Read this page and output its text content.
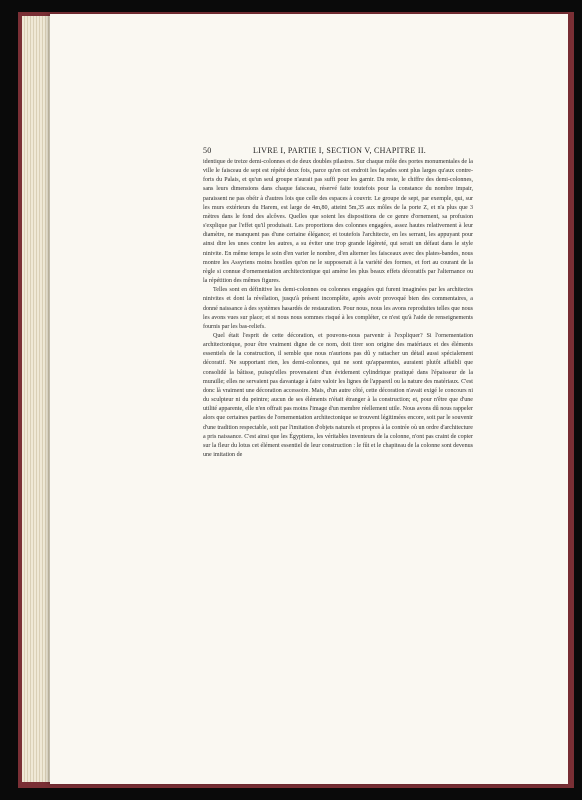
50	LIVRE I, PARTIE I, SECTION V, CHAPITRE II.

identique de treize demi-colonnes et de deux doubles pilastres. Sur chaque môle des portes monumentales de la ville le faisceau de sept est répété deux fois, parce qu'en cet endroit les façades sont plus larges qu'aux contre-forts du Palais, et qu'un seul groupe n'aurait pas suffi pour les garnir. Du reste, le chiffre des demi-colonnes, sans leurs dimensions dans chaque faisceau, réservé faite toutefois pour la constance du nombre impair, paraissent ne pas obéir à d'autres lois que celle des espaces à couvrir. Le groupe de sept, par exemple, qui, sur les murs extérieurs du Harem, est large de 4m,80, atteint 5m,35 aux môles de la porte Z, et n'a plus que 3 mètres dans le fond des alcôves. Quelles que soient les dispositions de ce genre d'ornement, sa profusion s'explique par l'effet qu'il produisait. Les proportions des colonnes engagées, assez hautes relativement à leur diamètre, ne manquent pas d'une certaine élégance; et toutefois l'architecte, en les serrant, les appuyant pour ainsi dire les unes contre les autres, a su éviter une trop grande légèreté, qui serait un défaut dans le style ninivite. En même temps le soin d'en varier le nombre, d'en alterner les faisceaux avec des plates-bandes, nous montre les Assyriens moins hostiles qu'on ne le supposerait à la variété des formes, et fort au courant de la règle si connue d'ornementation architectonique qui amène les plus beaux effets décoratifs par l'alternance ou la répétition des mêmes figures.

Telles sont en définitive les demi-colonnes ou colonnes engagées qui furent imaginées par les architectes ninivites et dont la révélation, jusqu'à présent incomplète, après avoir provoqué bien des commentaires, a donné naissance à des systèmes hasardés de restauration. Pour nous, nous les avons reproduites telles que nous les avons vues sur place; et si nous nous sommes risqué à les compléter, ce n'est qu'à l'aide de renseignements fournis par les bas-reliefs.

Quel était l'esprit de cette décoration, et pouvons-nous parvenir à l'expliquer? Si l'ornementation architectonique, pour être vraiment digne de ce nom, doit tirer son origine des matériaux et des éléments essentiels de la construction, il semble que nous n'aurions pas dû y rattacher un détail aussi spécialement décoratif. Ne supportant rien, les demi-colonnes, qui ne sont qu'apparentes, auraient plutôt affaibli que consolidé la bâtisse, puisqu'elles provenaient d'un évidement cylindrique pratiqué dans l'épaisseur de la muraille; elles ne servaient pas davantage à faire valoir les lignes de l'appareil ou la nature des matériaux. C'est donc là vraiment une décoration accessoire. Mais, d'un autre côté, cette décoration n'avait exigé le concours ni du sculpteur ni du peintre; aucun de ses éléments n'était étranger à la construction; et, pour n'être que d'une utilité apparente, elle n'en offrait pas moins l'image d'un membre réellement utile. Nous avons dû nous rappeler alors que certaines parties de l'ornementation architectonique se trouvent légitimées encore, soit par le souvenir d'une tradition respectable, soit par l'imitation d'objets naturels et propres à la contrée où un ordre d'architecture a pris naissance. C'est ainsi que les Égyptiens, les véritables inventeurs de la colonne, n'ont pas craint de copier sur la fleur du lotus cet élément essentiel de leur construction : le fût et le chapiteau de la colonne sont devenus une imitation de
